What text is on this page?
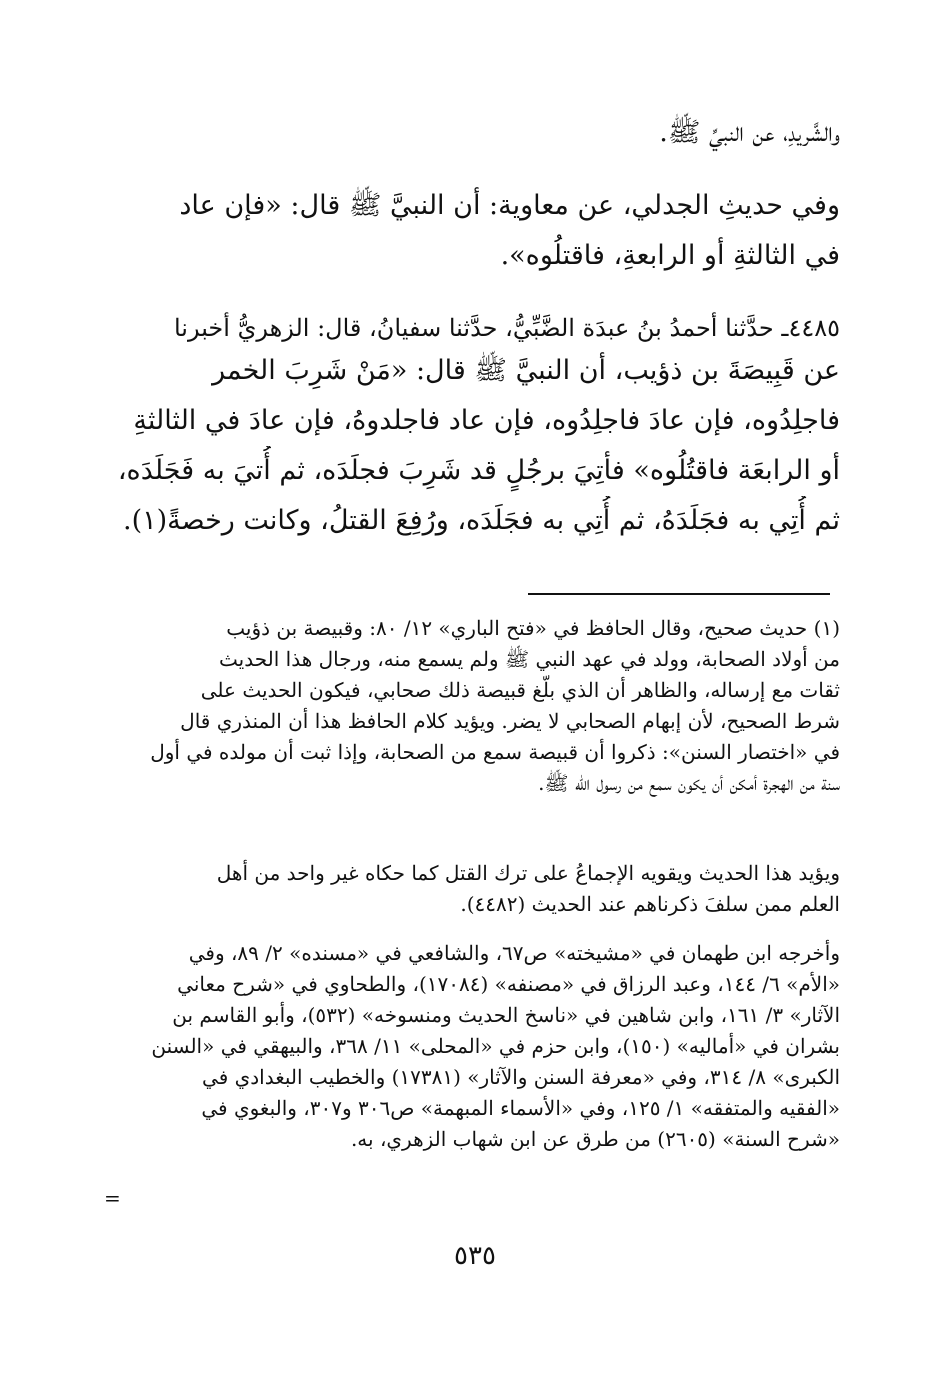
والشَّريدِ، عن النبيِّ ﷺ.
وفي حديثِ الجدلي، عن معاوية: أن النبيَّ ﷺ قال: «فإن عاد
في الثالثةِ أو الرابعةِ، فاقتلُوه».
٤٤٨٥ـ حدَّثنا أحمدُ بنُ عبدَة الضَّبِّيُّ، حدَّثنا سفيانُ، قال: الزهريُّ أخبرنا
عن قَبِيصَةَ بن ذؤيب، أن النبيَّ ﷺ قال: «مَنْ شَرِبَ الخمر
فاجلِدُوه، فإن عادَ فاجلِدُوه، فإن عاد فاجلدوهُ، فإن عادَ في الثالثةِ
أو الرابعَة فاقتُلُوه» فأتِيَ برجُلٍ قد شَرِبَ فجلَدَه، ثم أُتيَ به فَجَلَدَه،
ثم أُتِي به فجَلَدَهُ، ثم أُتِي به فجَلَدَه، ورُفِعَ القتلُ، وكانت رخصةً(١).
(١) حديث صحيح، وقال الحافظ في «فتح الباري» ١٢/ ٨٠: وقبيصة بن ذؤيب
من أولاد الصحابة، وولد في عهد النبي ﷺ ولم يسمع منه، ورجال هذا الحديث
ثقات مع إرساله، والظاهر أن الذي بلَّغ قبيصة ذلك صحابي، فيكون الحديث على
شرط الصحيح، لأن إبهام الصحابي لا يضر. ويؤيد كلام الحافظ هذا أن المنذري قال
في «اختصار السنن»: ذكروا أن قبيصة سمع من الصحابة، وإذا ثبت أن مولده في أول
سنة من الهجرة أمكن أن يكون سمع من رسول الله ﷺ.
ويؤيد هذا الحديث ويقويه الإجماعُ على ترك القتل كما حكاه غير واحد من أهل
العلم ممن سلفَ ذكرناهم عند الحديث (٤٤٨٢).
وأخرجه ابن طهمان في «مشيخته» ص٦٧، والشافعي في «مسنده» ٢/ ٨٩، وفي
«الأم» ٦/ ١٤٤، وعبد الرزاق في «مصنفه» (١٧٠٨٤)، والطحاوي في «شرح معاني
الآثار» ٣/ ١٦١، وابن شاهين في «ناسخ الحديث ومنسوخه» (٥٣٢)، وأبو القاسم بن
بشران في «أماليه» (١٥٠)، وابن حزم في «المحلى» ١١/ ٣٦٨، والبيهقي في «السنن
الكبرى» ٨/ ٣١٤، وفي «معرفة السنن والآثار» (١٧٣٨١) والخطيب البغدادي في
«الفقيه والمتفقه» ١/ ١٢٥، وفي «الأسماء المبهمة» ص٣٠٦ و٣٠٧، والبغوي في
«شرح السنة» (٢٦٠٥) من طرق عن ابن شهاب الزهري، به.
=
٥٣٥
